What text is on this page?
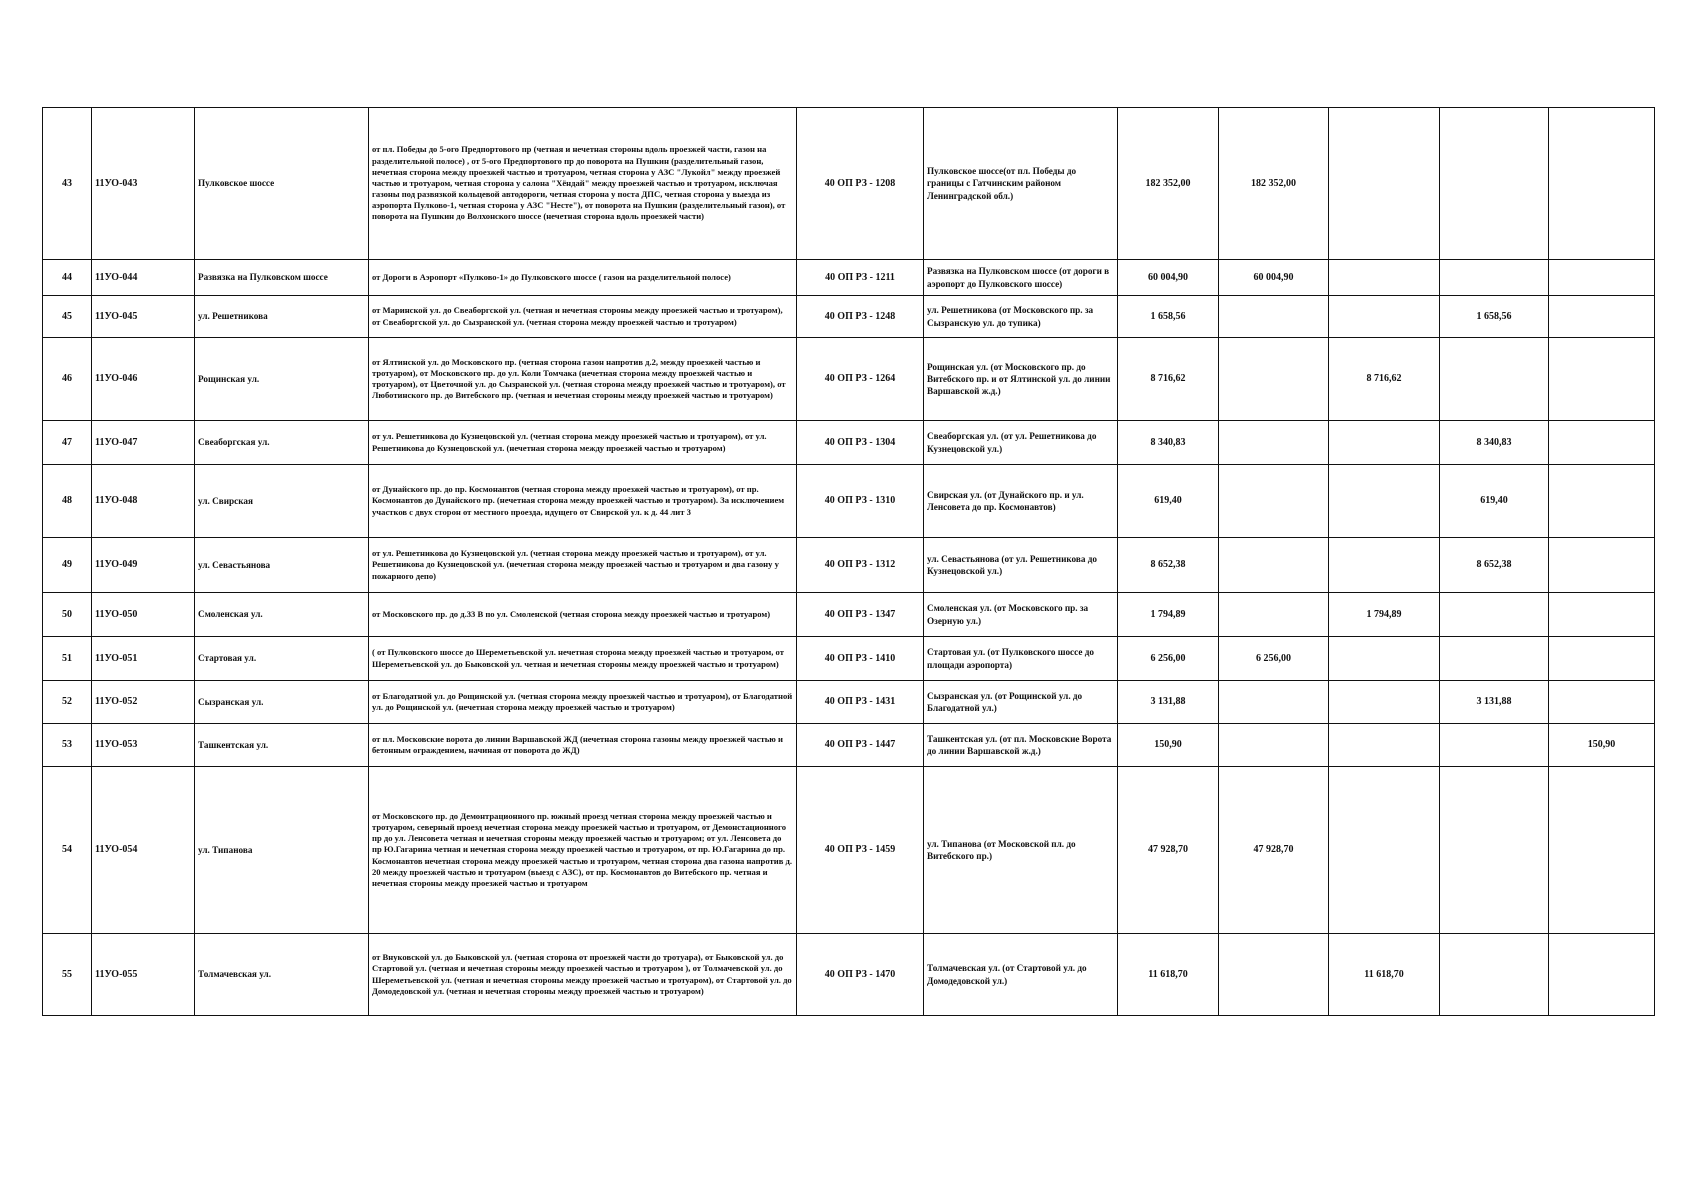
43	11УО-043	Пулковское шоссе	от пл. Победы до 5-ого Предпортового пр (четная и нечетная стороны вдоль проезжей части, газон на разделительной полосе) , от 5-ого Предпортового пр до поворота на Пушкин (разделительный газон, нечетная сторона между проезжей частью и тротуаром, четная сторона у АЗС "Лукойл" между проезжей частью и тротуаром, четная сторона у салона "Хёндай" между проезжей частью и тротуаром, исключая газоны под развязкой кольцевой автодороги, четная сторона у поста ДПС, четная сторона у выезда из аэропорта Пулково-1, четная сторона у АЗС "Несте"), от поворота на Пушкин (разделительный газон), от поворота на Пушкин до Волхонского шоссе (нечетная сторона вдоль проезжей части)	40 ОП РЗ - 1208	Пулковское шоссе(от пл. Победы до границы с Гатчинским районом Ленинградской обл.)	182 352,00	182 352,00			
44	11УО-044	Развязка на Пулковском шоссе	от Дороги в Аэропорт «Пулково-1» до Пулковского шоссе ( газон на разделительной полосе)	40 ОП РЗ - 1211	Развязка на Пулковском шоссе (от дороги в аэропорт до Пулковского шоссе)	60 004,90	60 004,90			
45	11УО-045	ул. Решетникова	от Маринской ул. до Свеаборгской ул. (четная и нечетная стороны между проезжей частью и тротуаром), от Свеаборгской ул. до Сызранской ул. (четная сторона между проезжей частью и тротуаром)	40 ОП РЗ - 1248	ул. Решетникова (от Московского пр. за Сызранскую ул. до тупика)	1 658,56			1 658,56	
46	11УО-046	Рощинская ул.	от Ялтинской ул. до Московского пр. (четная сторона газон напротив д.2, между проезжей частью и тротуаром), от Московского пр. до ул. Коли Томчака (нечетная сторона между проезжей частью и тротуаром), от Цветочной ул. до Сызранской ул. (четная сторона между проезжей частью и тротуаром), от Люботинского пр. до Витебского пр. (четная и нечетная стороны между проезжей частью и тротуаром)	40 ОП РЗ - 1264	Рощинская ул. (от Московского пр. до Витебского пр. и от Ялтинской ул. до линии Варшавской ж.д.)	8 716,62		8 716,62		
47	11УО-047	Свеаборгская ул.	от ул. Решетникова до Кузнецовской ул. (четная сторона между проезжей частью и тротуаром), от ул. Решетникова до Кузнецовской ул. (нечетная сторона между проезжей частью и тротуаром)	40 ОП РЗ - 1304	Свеаборгская ул. (от ул. Решетникова до Кузнецовской ул.)	8 340,83			8 340,83	
48	11УО-048	ул. Свирская	от Дунайского пр. до пр. Космонавтов (четная сторона между проезжей частью и тротуаром), от пр. Космонавтов до Дунайского пр. (нечетная сторона между проезжей частью и тротуаром). За исключением участков с двух сторон от местного проезда, идущего от Свирской ул. к д. 44 лит 3	40 ОП РЗ - 1310	Свирская ул. (от Дунайского пр. и ул. Ленсовета до пр. Космонавтов)	619,40			619,40	
49	11УО-049	ул. Севастьянова	от ул. Решетникова до Кузнецовской ул. (четная сторона между проезжей частью и тротуаром), от ул. Решетникова до Кузнецовской ул. (нечетная сторона между проезжей частью и тротуаром и два газону у пожарного депо)	40 ОП РЗ - 1312	ул. Севастьянова (от ул. Решетникова до Кузнецовской ул.)	8 652,38			8 652,38	
50	11УО-050	Смоленская ул.	от Московского пр. до д.33 В по ул. Смоленской (четная сторона между проезжей частью и тротуаром)	40 ОП РЗ - 1347	Смоленская ул. (от Московского пр. за Озерную ул.)	1 794,89		1 794,89		
51	11УО-051	Стартовая ул.	( от Пулковского шоссе до Шереметьевской ул. нечетная сторона между проезжей частью и тротуаром, от Шереметьевской ул. до Быковской ул. четная и нечетная стороны между проезжей частью и тротуаром)	40 ОП РЗ - 1410	Стартовая ул. (от Пулковского шоссе до площади аэропорта)	6 256,00	6 256,00			
52	11УО-052	Сызранская ул.	от Благодатной ул. до Рощинской ул. (четная сторона между проезжей частью и тротуаром), от Благодатной ул. до Рощинской ул. (нечетная сторона между проезжей частью и тротуаром)	40 ОП РЗ - 1431	Сызранская ул. (от Рощинской ул. до Благодатной ул.)	3 131,88			3 131,88	
53	11УО-053	Ташкентская ул.	от пл. Московские ворота до линии Варшавской ЖД (нечетная сторона газоны между проезжей частью и бетонным ограждением, начиная от поворота до ЖД)	40 ОП РЗ - 1447	Ташкентская ул. (от пл. Московские Ворота до линии Варшавской ж.д.)	150,90				150,90
54	11УО-054	ул. Типанова	от Московского пр. до Демонтрационного пр. южный проезд четная сторона между проезжей частью и тротуаром, северный проезд нечетная сторона между проезжей частью и тротуаром, от Демонстационного пр до ул. Ленсовета четная и нечетная стороны между проезжей частью и тротуаром; от ул. Ленсовета до пр Ю.Гагарина четная и нечетная сторона между проезжей частью и тротуаром, от пр. Ю.Гагарина до пр. Космонавтов нечетная сторона между проезжей частью и тротуаром, четная сторона два газона напротив д. 20 между проезжей частью и тротуаром (выезд с АЗС), от пр. Космонавтов до Витебского пр. четная и нечетная стороны между проезжей частью и тротуаром	40 ОП РЗ - 1459	ул. Типанова (от Московской пл. до Витебского пр.)	47 928,70	47 928,70			
55	11УО-055	Толмачевская ул.	от Внуковской ул. до Быковской ул. (четная сторона от проезжей части до тротуара), от Быковской ул. до Стартовой ул. (четная и нечетная стороны между проезжей частью и тротуаром ), от Толмачевской ул. до Шереметьевской ул. (четная и нечетная стороны между проезжей частью и тротуаром), от Стартовой ул. до Домодедовской ул. (четная и нечетная стороны между проезжей частью и тротуаром)	40 ОП РЗ - 1470	Толмачевская ул. (от Стартовой ул. до Домодедовской ул.)	11 618,70		11 618,70		
